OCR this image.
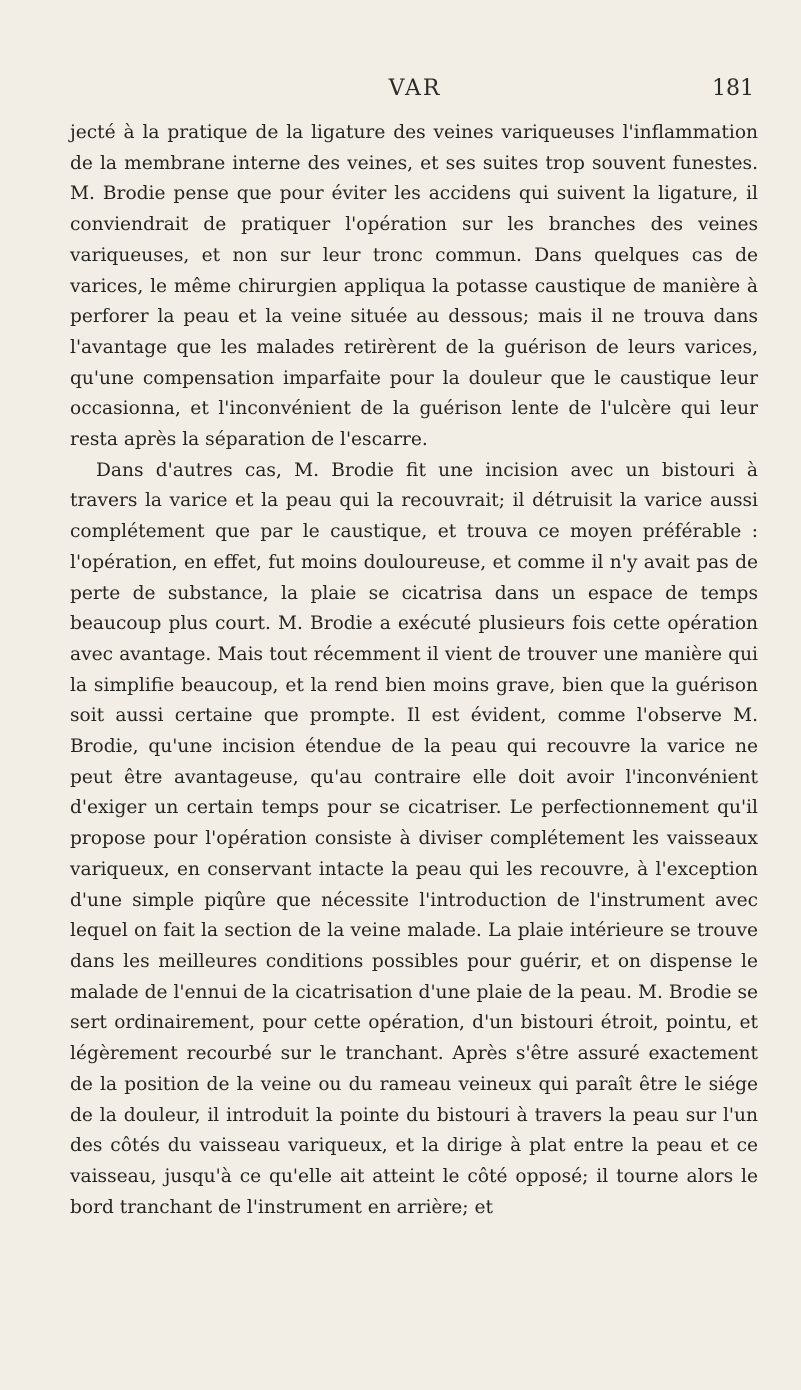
VAR	181

jecté à la pratique de la ligature des veines variqueuses l'inflammation de la membrane interne des veines, et ses suites trop souvent funestes. M. Brodie pense que pour éviter les accidens qui suivent la ligature, il conviendrait de pratiquer l'opération sur les branches des veines variqueuses, et non sur leur tronc commun. Dans quelques cas de varices, le même chirurgien appliqua la potasse caustique de manière à perforer la peau et la veine située au dessous; mais il ne trouva dans l'avantage que les malades retirèrent de la guérison de leurs varices, qu'une compensation imparfaite pour la douleur que le caustique leur occasionna, et l'inconvénient de la guérison lente de l'ulcère qui leur resta après la séparation de l'escarre.

Dans d'autres cas, M. Brodie fit une incision avec un bistouri à travers la varice et la peau qui la recouvrait; il détruisit la varice aussi complétement que par le caustique, et trouva ce moyen préférable : l'opération, en effet, fut moins douloureuse, et comme il n'y avait pas de perte de substance, la plaie se cicatrisa dans un espace de temps beaucoup plus court. M. Brodie a exécuté plusieurs fois cette opération avec avantage. Mais tout récemment il vient de trouver une manière qui la simplifie beaucoup, et la rend bien moins grave, bien que la guérison soit aussi certaine que prompte. Il est évident, comme l'observe M. Brodie, qu'une incision étendue de la peau qui recouvre la varice ne peut être avantageuse, qu'au contraire elle doit avoir l'inconvénient d'exiger un certain temps pour se cicatriser. Le perfectionnement qu'il propose pour l'opération consiste à diviser complétement les vaisseaux variqueux, en conservant intacte la peau qui les recouvre, à l'exception d'une simple piqûre que nécessite l'introduction de l'instrument avec lequel on fait la section de la veine malade. La plaie intérieure se trouve dans les meilleures conditions possibles pour guérir, et on dispense le malade de l'ennui de la cicatrisation d'une plaie de la peau. M. Brodie se sert ordinairement, pour cette opération, d'un bistouri étroit, pointu, et légèrement recourbé sur le tranchant. Après s'être assuré exactement de la position de la veine ou du rameau veineux qui paraît être le siége de la douleur, il introduit la pointe du bistouri à travers la peau sur l'un des côtés du vaisseau variqueux, et la dirige à plat entre la peau et ce vaisseau, jusqu'à ce qu'elle ait atteint le côté opposé; il tourne alors le bord tranchant de l'instrument en arrière; et
